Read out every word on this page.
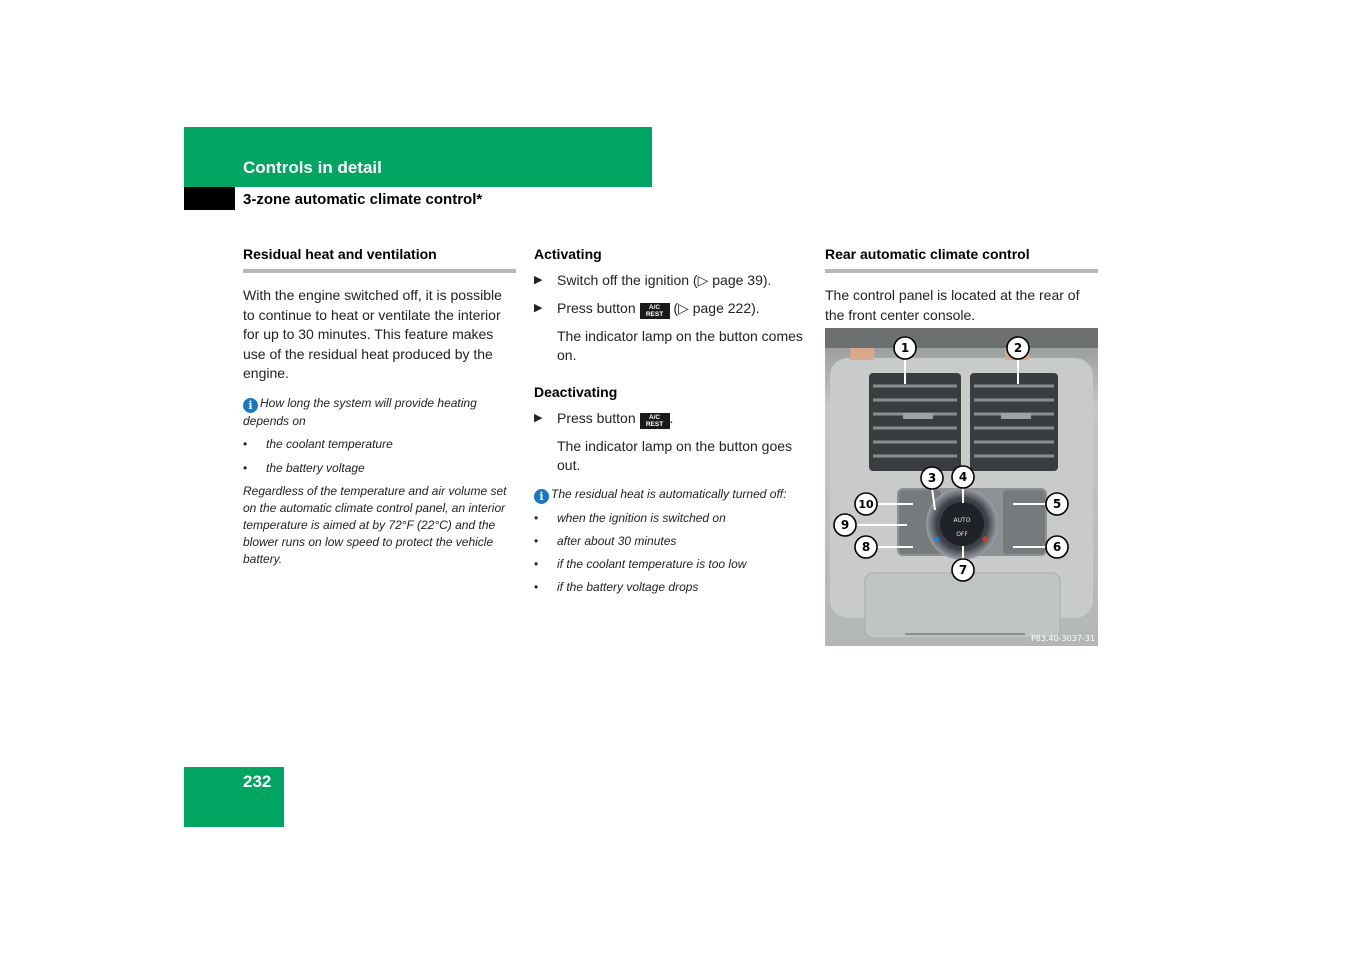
Controls in detail
3-zone automatic climate control*
Residual heat and ventilation

With the engine switched off, it is possible to continue to heat or ventilate the interior for up to 30 minutes. This feature makes use of the residual heat produced by the engine.

i How long the system will provide heating depends on
• the coolant temperature
• the battery voltage
Regardless of the temperature and air volume set on the automatic climate control panel, an interior temperature is aimed at by 72°F (22°C) and the blower runs on low speed to protect the vehicle battery.
Activating
▶ Switch off the ignition (▷ page 39).
▶ Press button A/C
REST (▷ page 222).

The indicator lamp on the button comes on.

Deactivating
▶ Press button A/C
REST .

The indicator lamp on the button goes out.

i The residual heat is automatically turned off:
• when the ignition is switched on
• after about 30 minutes
• if the coolant temperature is too low
• if the battery voltage drops
Rear automatic climate control

The control panel is located at the rear of the front center console.

AUTO
OFF
1	2
3 4
5
6
7
8
9
10
P83.40-3037-31
232
